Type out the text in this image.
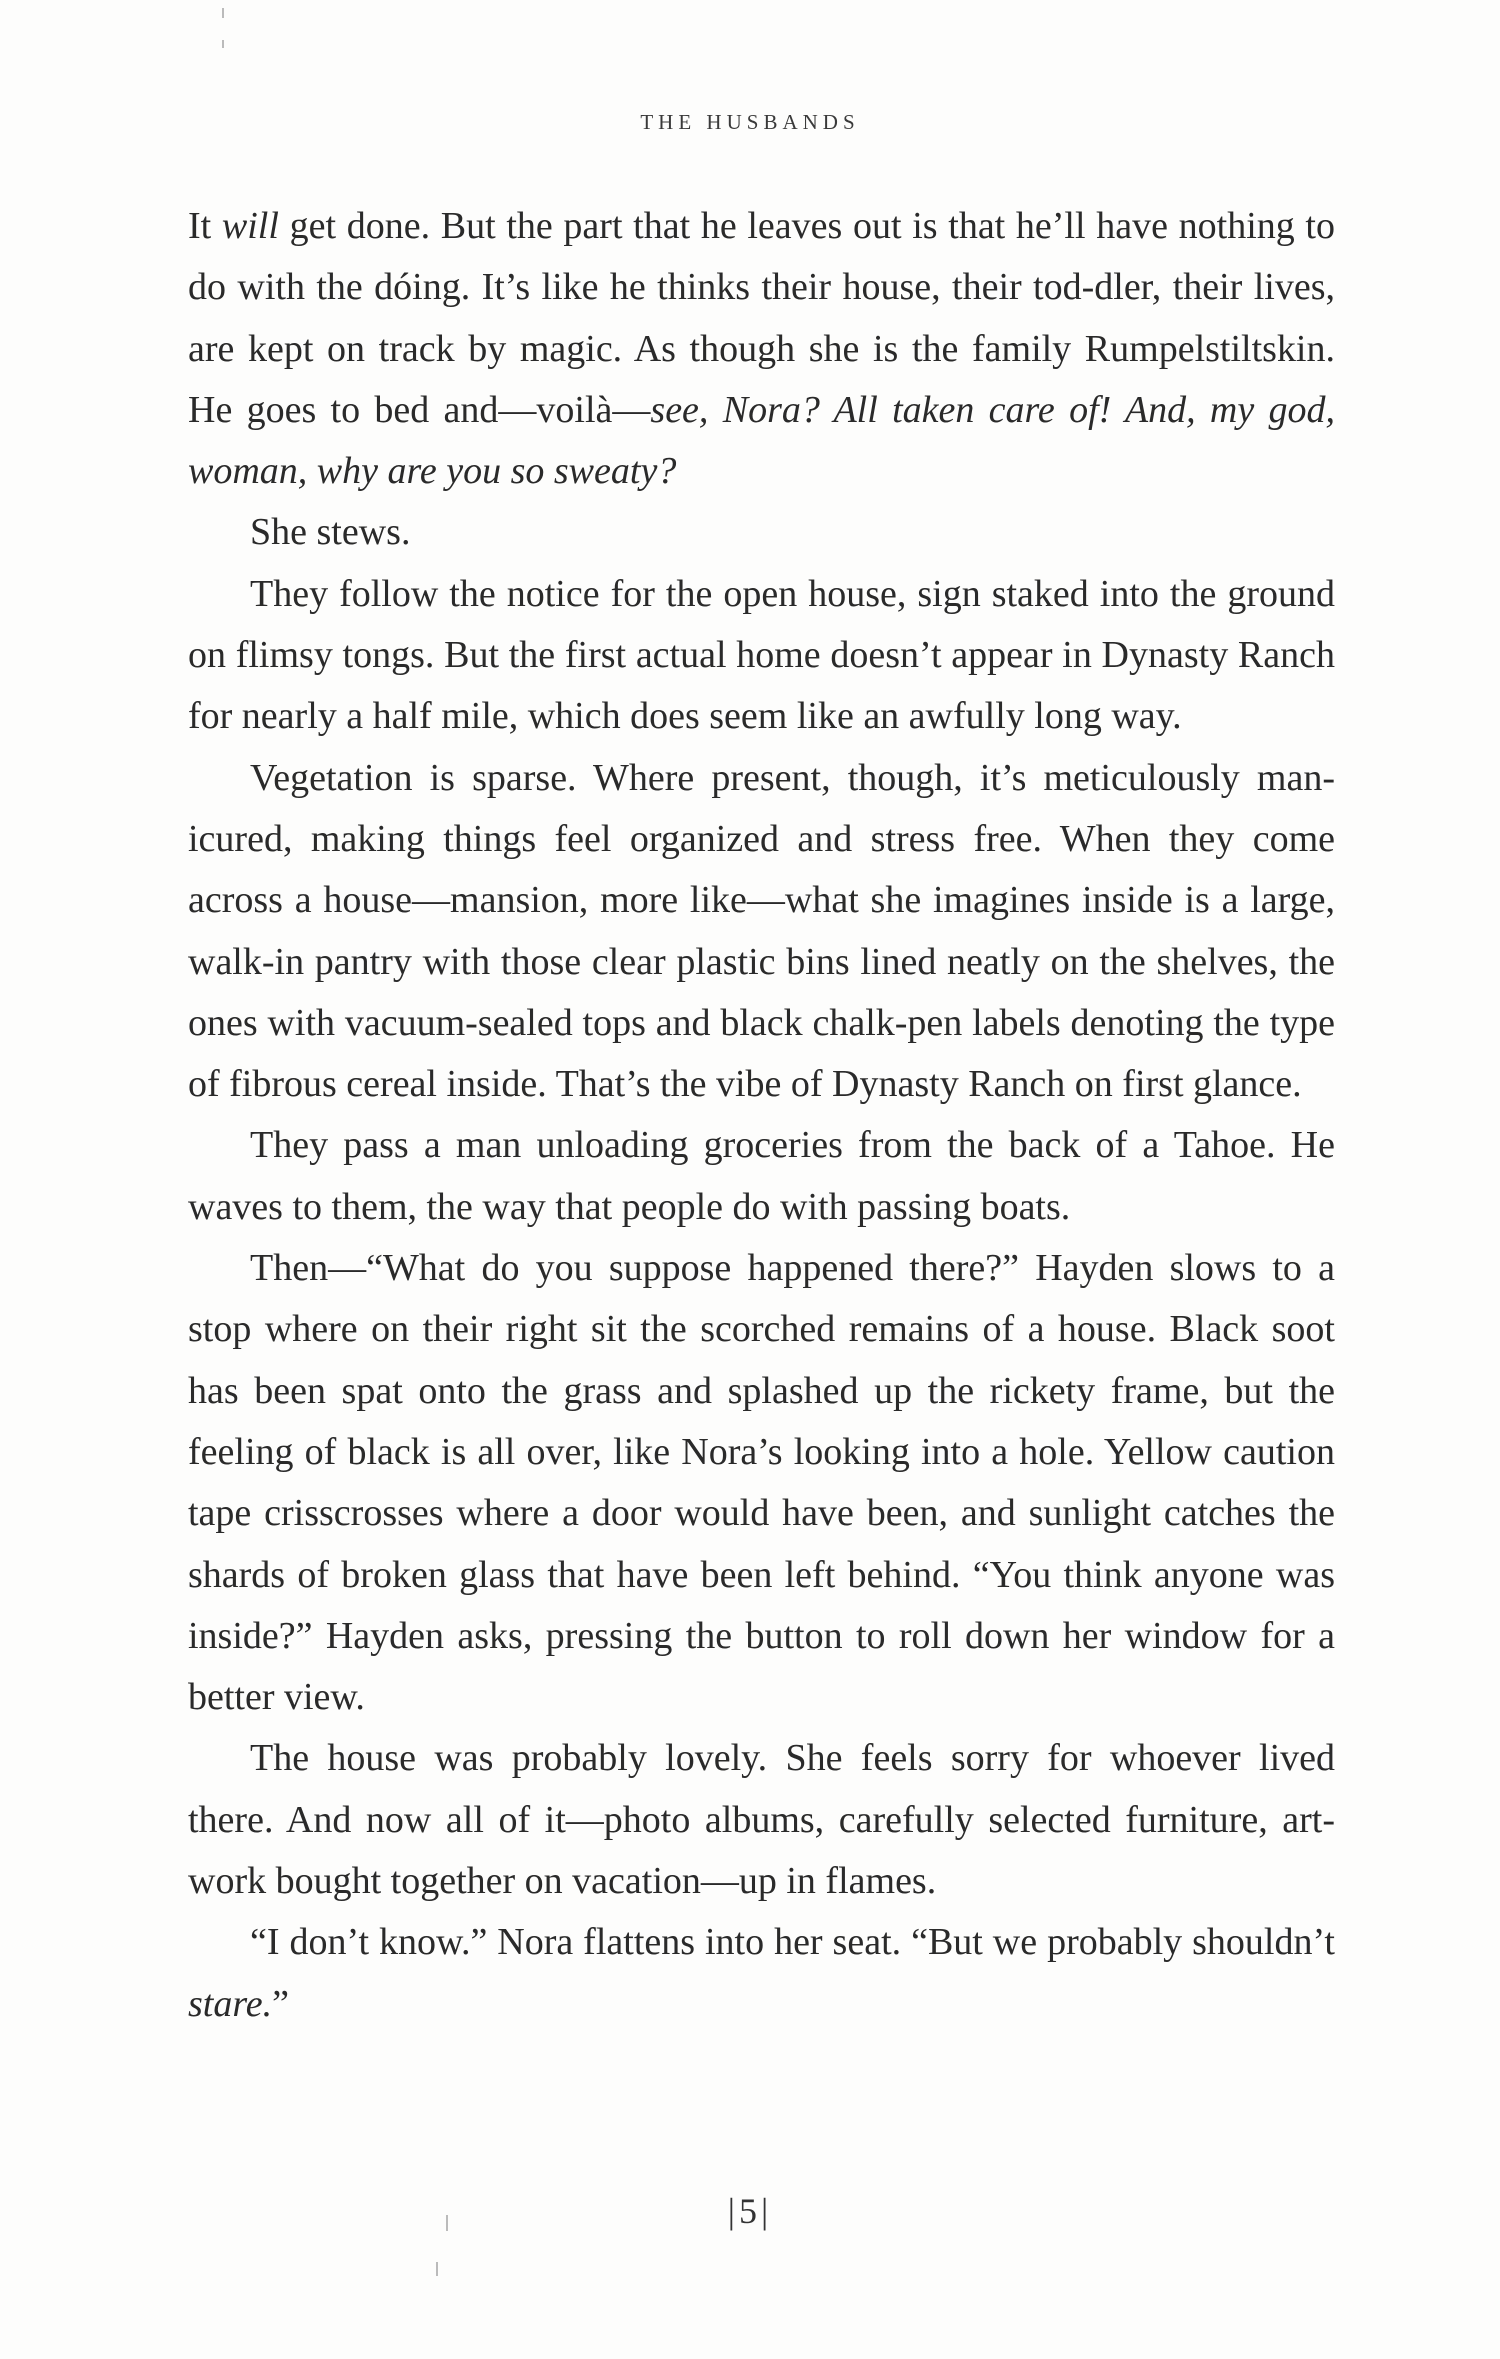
THE HUSBANDS

It will get done. But the part that he leaves out is that he’ll have nothing to do with the dóing. It’s like he thinks their house, their tod-dler, their lives, are kept on track by magic. As though she is the family Rumpelstiltskin. He goes to bed and—voilà—see, Nora? All taken care of! And, my god, woman, why are you so sweaty?

She stews.

They follow the notice for the open house, sign staked into the ground on flimsy tongs. But the first actual home doesn’t appear in Dynasty Ranch for nearly a half mile, which does seem like an awfully long way.

Vegetation is sparse. Where present, though, it’s meticulously man-icured, making things feel organized and stress free. When they come across a house—mansion, more like—what she imagines inside is a large, walk-in pantry with those clear plastic bins lined neatly on the shelves, the ones with vacuum-sealed tops and black chalk-pen labels denoting the type of fibrous cereal inside. That’s the vibe of Dynasty Ranch on first glance.

They pass a man unloading groceries from the back of a Tahoe. He waves to them, the way that people do with passing boats.

Then—“What do you suppose happened there?” Hayden slows to a stop where on their right sit the scorched remains of a house. Black soot has been spat onto the grass and splashed up the rickety frame, but the feeling of black is all over, like Nora’s looking into a hole. Yellow caution tape crisscrosses where a door would have been, and sunlight catches the shards of broken glass that have been left behind. “You think anyone was inside?” Hayden asks, pressing the button to roll down her window for a better view.

The house was probably lovely. She feels sorry for whoever lived there. And now all of it—photo albums, carefully selected furniture, art-work bought together on vacation—up in flames.

“I don’t know.” Nora flattens into her seat. “But we probably shouldn’t stare.”

|5|
